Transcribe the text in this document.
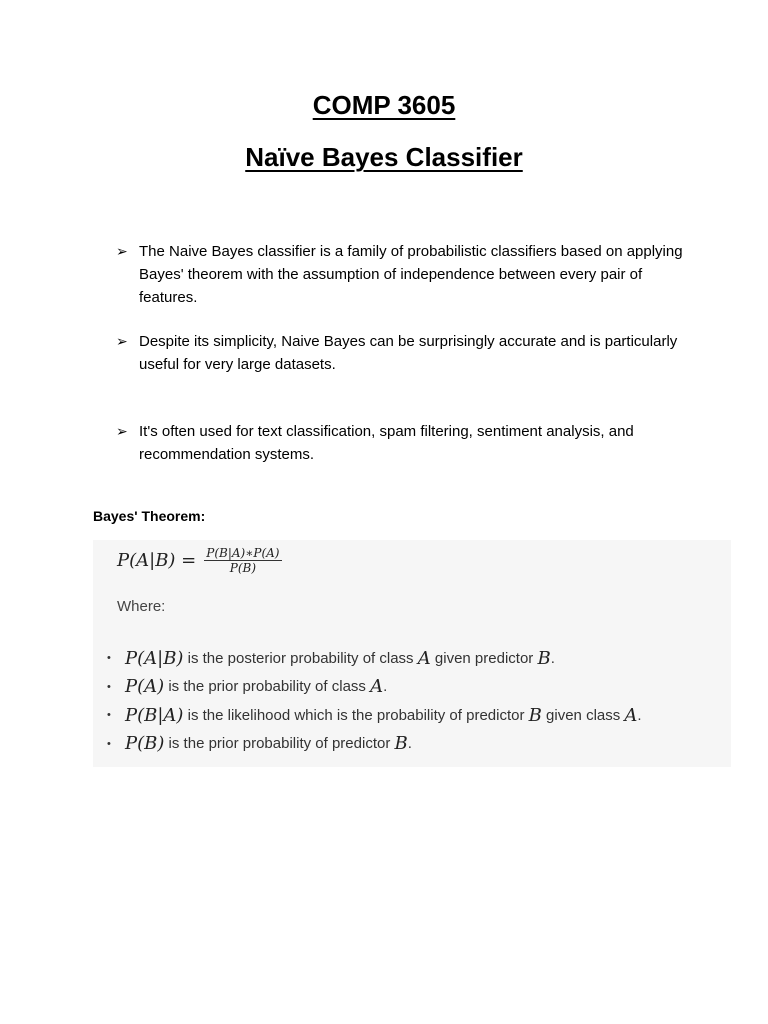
COMP 3605
Naïve Bayes Classifier
➢ The Naive Bayes classifier is a family of probabilistic classifiers based on applying Bayes' theorem with the assumption of independence between every pair of features.
➢ Despite its simplicity, Naive Bayes can be surprisingly accurate and is particularly useful for very large datasets.
➢ It's often used for text classification, spam filtering, sentiment analysis, and recommendation systems.
Bayes' Theorem:
$P(A|B) = \frac{P(B|A)∗P(A)}{P(B)}$
Where:
• P(A|B) is the posterior probability of class A given predictor B .
• P(A) is the prior probability of class A .
• P(B|A) is the likelihood which is the probability of predictor B given class A .
• P(B) is the prior probability of predictor B .
